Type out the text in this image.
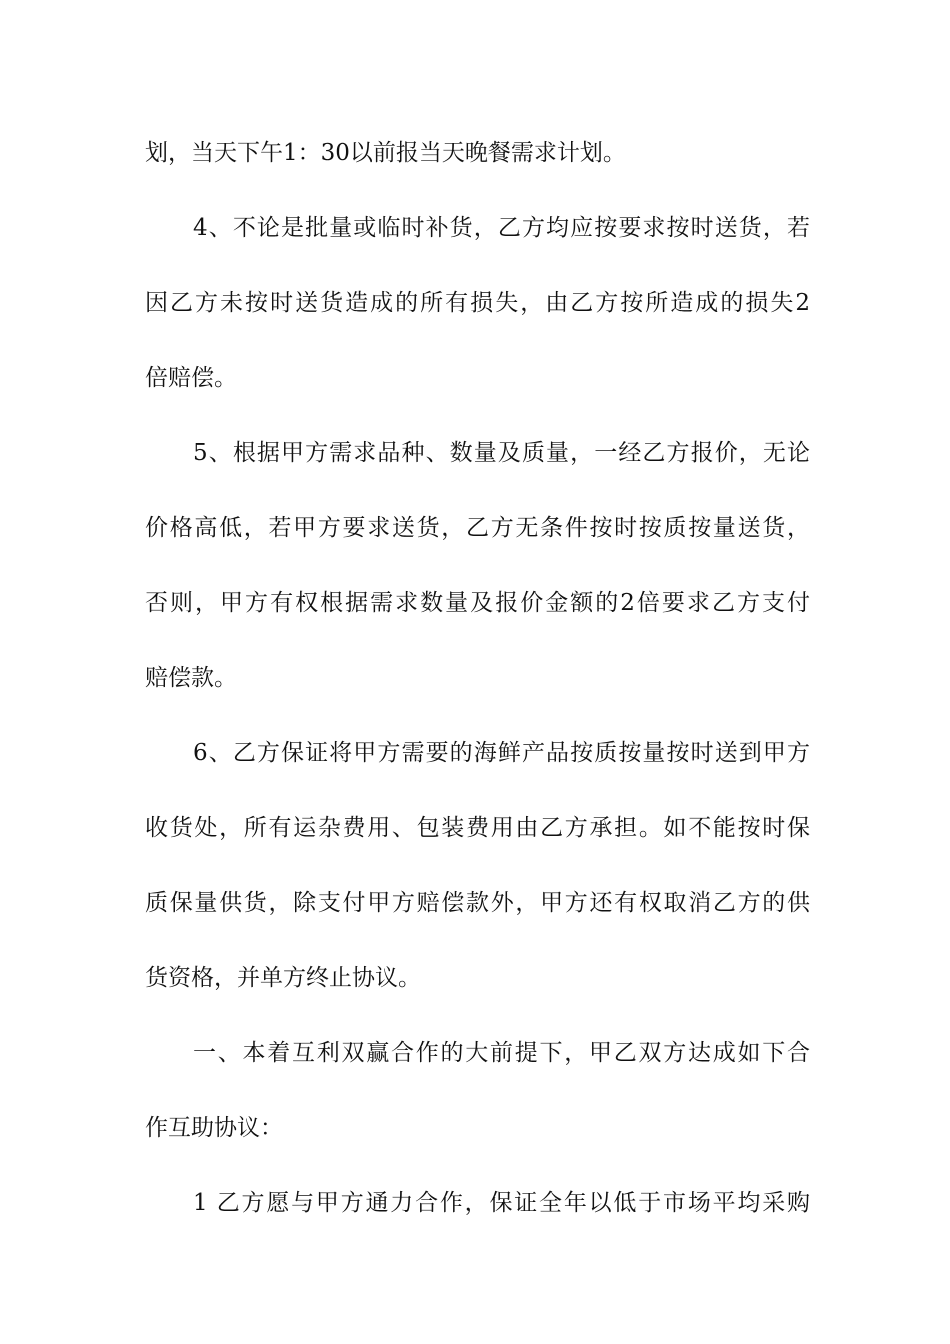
划，当天下午1：30以前报当天晚餐需求计划。
4、不论是批量或临时补货，乙方均应按要求按时送货，若
因乙方未按时送货造成的所有损失，由乙方按所造成的损失2
倍赔偿。
5、根据甲方需求品种、数量及质量，一经乙方报价，无论
价格高低，若甲方要求送货，乙方无条件按时按质按量送货，
否则，甲方有权根据需求数量及报价金额的2倍要求乙方支付
赔偿款。
6、乙方保证将甲方需要的海鲜产品按质按量按时送到甲方
收货处，所有运杂费用、包装费用由乙方承担。如不能按时保
质保量供货，除支付甲方赔偿款外，甲方还有权取消乙方的供
货资格，并单方终止协议。
一、本着互利双赢合作的大前提下，甲乙双方达成如下合
作互助协议：
1 乙方愿与甲方通力合作，保证全年以低于市场平均采购
